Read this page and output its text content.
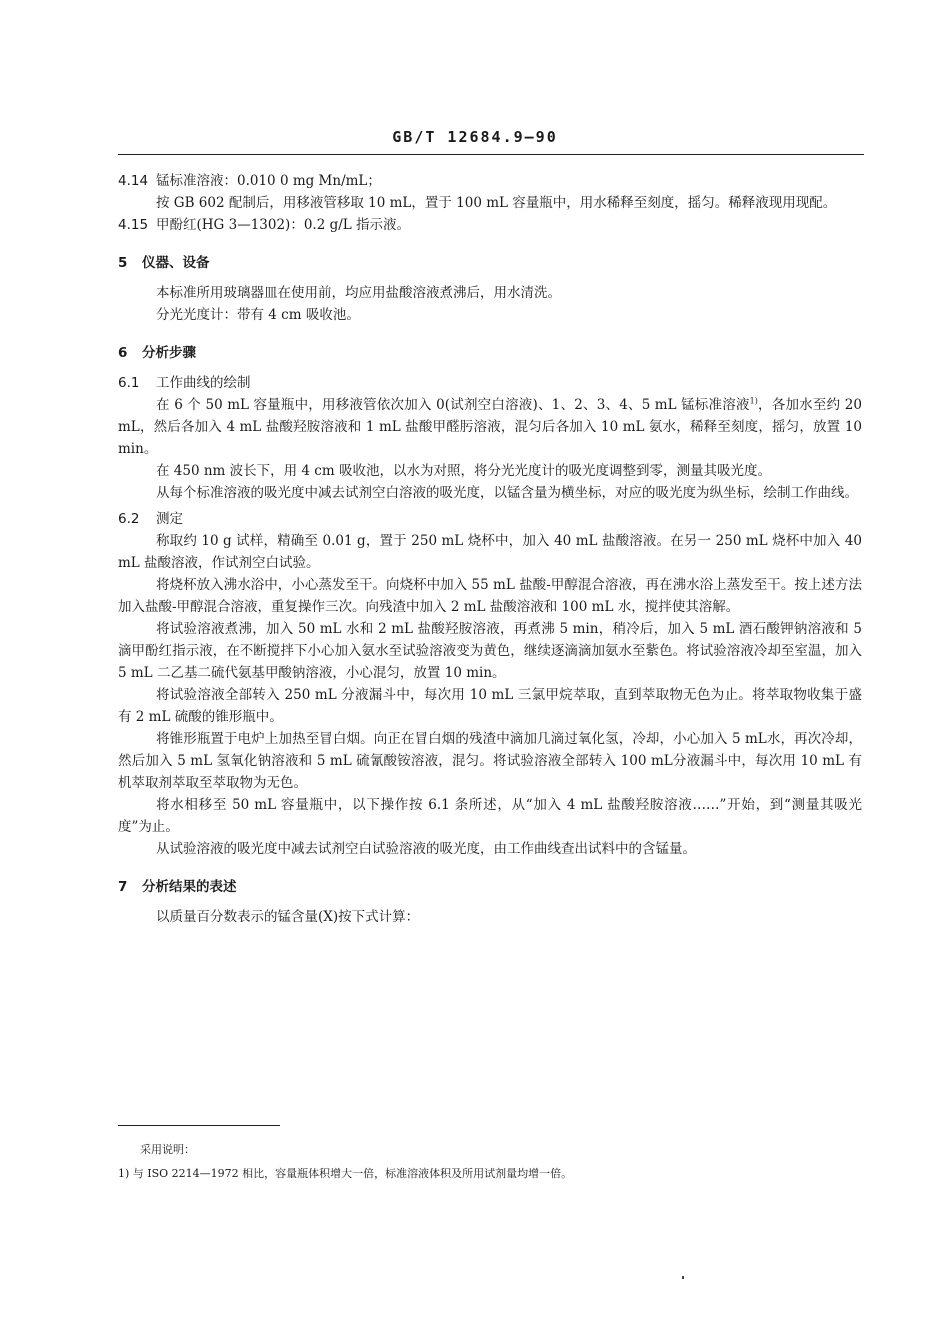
GB/T 12684.9—90

4.14 锰标准溶液：0.010 0 mg Mn/mL；

按 GB 602 配制后，用移液管移取 10 mL，置于 100 mL 容量瓶中，用水稀释至刻度，摇匀。稀释液现用现配。

4.15 甲酚红(HG 3—1302)：0.2 g/L 指示液。

5 仪器、设备

本标准所用玻璃器皿在使用前，均应用盐酸溶液煮沸后，用水清洗。

分光光度计：带有 4 cm 吸收池。

6 分析步骤
6.1 工作曲线的绘制

在 6 个 50 mL 容量瓶中，用移液管依次加入 0(试剂空白溶液)、1、2、3、4、5 mL 锰标准溶液$^{1)}$，各加水至约 20 mL，然后各加入 4 mL 盐酸羟胺溶液和 1 mL 盐酸甲醛肟溶液，混匀后各加入 10 mL 氨水，稀释至刻度，摇匀，放置 10 min。

在 450 nm 波长下，用 4 cm 吸收池，以水为对照，将分光光度计的吸光度调整到零，测量其吸光度。

从每个标准溶液的吸光度中减去试剂空白溶液的吸光度，以锰含量为横坐标，对应的吸光度为纵坐标，绘制工作曲线。

6.2 测定

称取约 10 g 试样，精确至 0.01 g，置于 250 mL 烧杯中，加入 40 mL 盐酸溶液。在另一 250 mL 烧杯中加入 40 mL 盐酸溶液，作试剂空白试验。

将烧杯放入沸水浴中，小心蒸发至干。向烧杯中加入 55 mL 盐酸-甲醇混合溶液，再在沸水浴上蒸发至干。按上述方法加入盐酸-甲醇混合溶液，重复操作三次。向残渣中加入 2 mL 盐酸溶液和 100 mL 水，搅拌使其溶解。

将试验溶液煮沸，加入 50 mL 水和 2 mL 盐酸羟胺溶液，再煮沸 5 min，稍冷后，加入 5 mL 酒石酸钾钠溶液和 5 滴甲酚红指示液，在不断搅拌下小心加入氨水至试验溶液变为黄色，继续逐滴滴加氨水至紫色。将试验溶液冷却至室温，加入 5 mL 二乙基二硫代氨基甲酸钠溶液，小心混匀，放置 10 min。

将试验溶液全部转入 250 mL 分液漏斗中，每次用 10 mL 三氯甲烷萃取，直到萃取物无色为止。将萃取物收集于盛有 2 mL 硫酸的锥形瓶中。

将锥形瓶置于电炉上加热至冒白烟。向正在冒白烟的残渣中滴加几滴过氧化氢，冷却，小心加入 5 mL水，再次冷却，然后加入 5 mL 氢氧化钠溶液和 5 mL 硫氰酸铵溶液，混匀。将试验溶液全部转入 100 mL分液漏斗中，每次用 10 mL 有机萃取剂萃取至萃取物为无色。

将水相移至 50 mL 容量瓶中，以下操作按 6.1 条所述，从“加入 4 mL 盐酸羟胺溶液……”开始，到“测量其吸光度”为止。

从试验溶液的吸光度中减去试剂空白试验溶液的吸光度，由工作曲线查出试料中的含锰量。

7 分析结果的表述

以质量百分数表示的锰含量(X)按下式计算：

采用说明：
1) 与 ISO 2214—1972 相比，容量瓶体积增大一倍，标准溶液体积及所用试剂量均增一倍。
